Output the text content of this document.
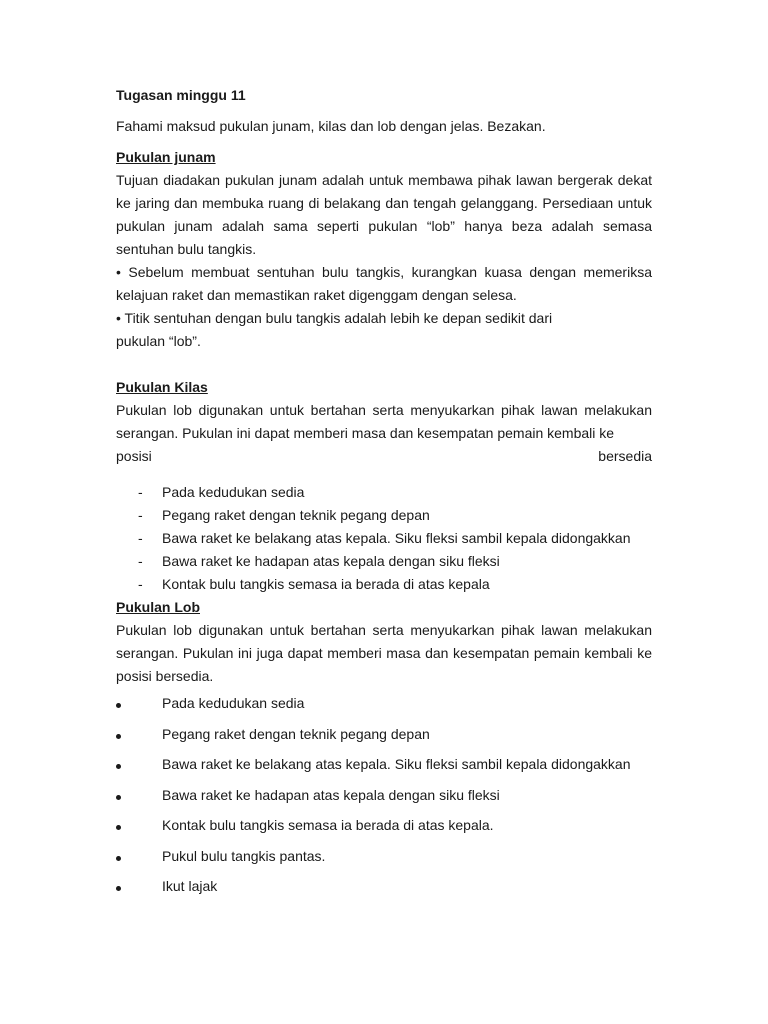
Tugasan minggu 11

Fahami maksud pukulan junam, kilas dan lob dengan jelas. Bezakan.

Pukulan junam

Tujuan diadakan pukulan junam adalah untuk membawa pihak lawan bergerak dekat ke jaring dan membuka ruang di belakang dan tengah gelanggang. Persediaan untuk pukulan junam adalah sama seperti pukulan “lob” hanya beza adalah semasa sentuhan bulu tangkis.

• Sebelum membuat sentuhan bulu tangkis, kurangkan kuasa dengan memeriksa kelajuan raket dan memastikan raket digenggam dengan selesa.

• Titik sentuhan dengan bulu tangkis adalah lebih ke depan sedikit dari

pukulan “lob”.

Pukulan Kilas

Pukulan lob digunakan untuk bertahan serta menyukarkan pihak lawan melakukan serangan. Pukulan ini dapat memberi masa dan kesempatan pemain kembali ke

posisi bersedia

- Pada kedudukan sedia
- Pegang raket dengan teknik pegang depan
- Bawa raket ke belakang atas kepala. Siku fleksi sambil kepala didongakkan
- Bawa raket ke hadapan atas kepala dengan siku fleksi
- Kontak bulu tangkis semasa ia berada di atas kepala

Pukulan Lob

Pukulan lob digunakan untuk bertahan serta menyukarkan pihak lawan melakukan serangan. Pukulan ini juga dapat memberi masa dan kesempatan pemain kembali ke posisi bersedia.

Pada kedudukan sedia
Pegang raket dengan teknik pegang depan
Bawa raket ke belakang atas kepala. Siku fleksi sambil kepala didongakkan
Bawa raket ke hadapan atas kepala dengan siku fleksi
Kontak bulu tangkis semasa ia berada di atas kepala.
Pukul bulu tangkis pantas.
Ikut lajak
